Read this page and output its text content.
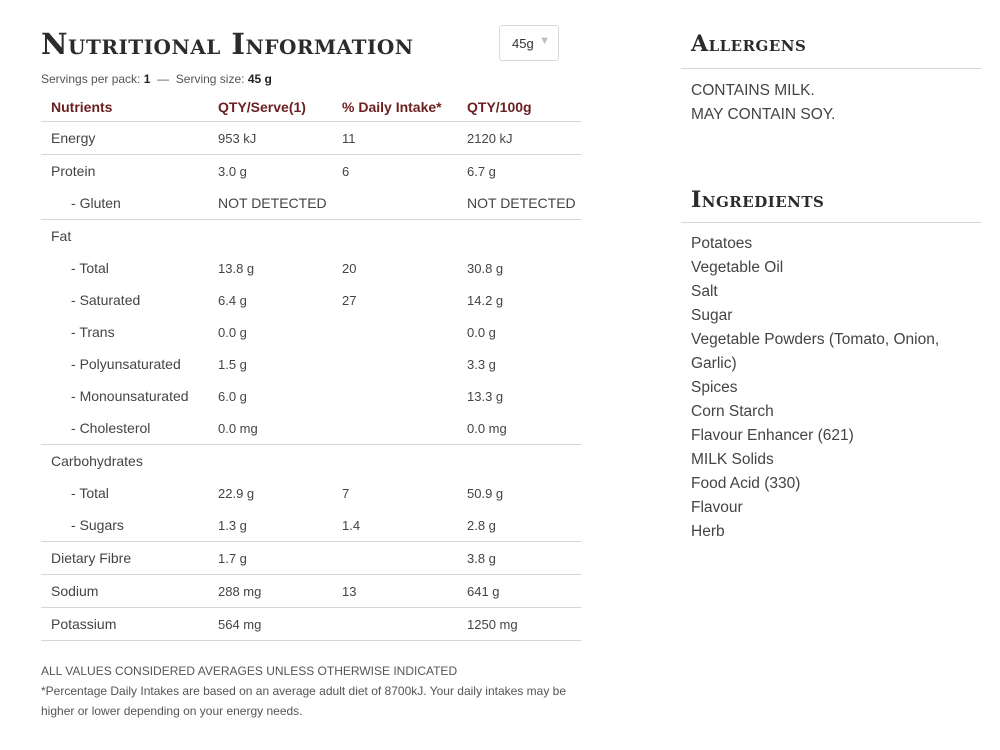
Nutritional Information	45g ▼
Servings per pack: 1 — Serving size: 45 g
Nutrients	QTY/Serve(1)	% Daily Intake*	QTY/100g
Energy	953 kJ	11	2120 kJ
Protein	3.0 g	6	6.7 g
- Gluten	NOT DETECTED		NOT DETECTED
Fat			
- Total	13.8 g	20	30.8 g
- Saturated	6.4 g	27	14.2 g
- Trans	0.0 g		0.0 g
- Polyunsaturated	1.5 g		3.3 g
- Monounsaturated	6.0 g		13.3 g
- Cholesterol	0.0 mg		0.0 mg
Carbohydrates			
- Total	22.9 g	7	50.9 g
- Sugars	1.3 g	1.4	2.8 g
Dietary Fibre	1.7 g		3.8 g
Sodium	288 mg	13	641 g
Potassium	564 mg		1250 mg
ALL VALUES CONSIDERED AVERAGES UNLESS OTHERWISE INDICATED
*Percentage Daily Intakes are based on an average adult diet of 8700kJ. Your daily intakes may be higher or lower depending on your energy needs.
Allergens
CONTAINS MILK.
MAY CONTAIN SOY.
Ingredients
Potatoes
Vegetable Oil
Salt
Sugar
Vegetable Powders (Tomato, Onion, Garlic)
Spices
Corn Starch
Flavour Enhancer (621)
MILK Solids
Food Acid (330)
Flavour
Herb
